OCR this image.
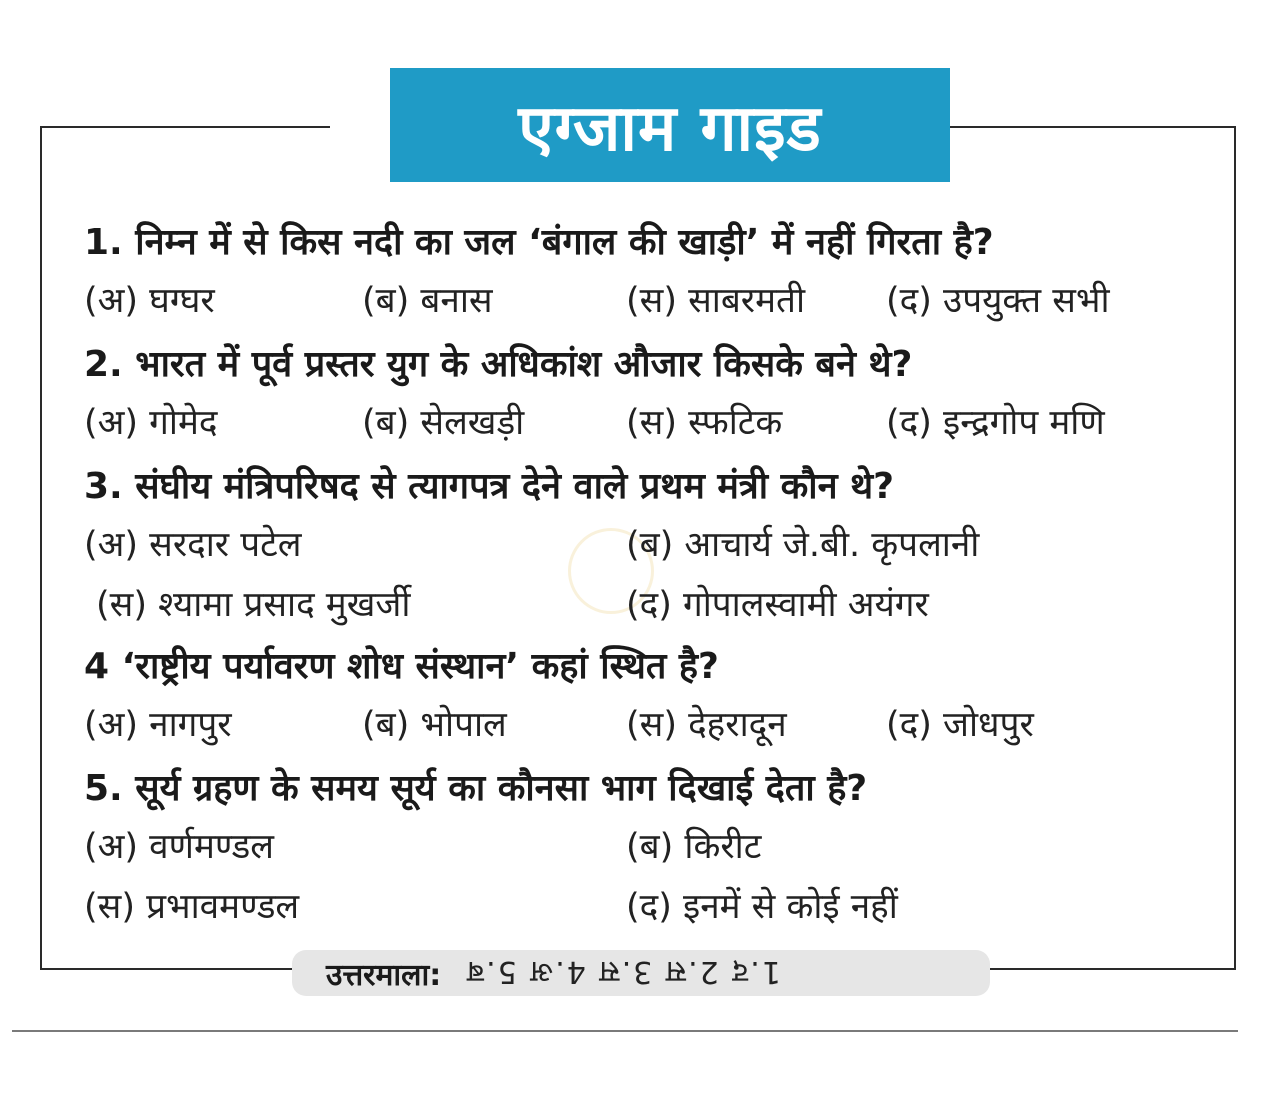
एग्जाम गाइड
1. निम्न में से किस नदी का जल ‘बंगाल की खाड़ी’ में नहीं गिरता है?
(अ) घग्घर	(ब) बनास	(स) साबरमती (द) उपयुक्त सभी
2. भारत में पूर्व प्रस्तर युग के अधिकांश औजार किसके बने थे?
(अ) गोमेद	(ब) सेलखड़ी	(स) स्फटिक	(द) इन्द्रगोप मणि
3. संघीय मंत्रिपरिषद से त्यागपत्र देने वाले प्रथम मंत्री कौन थे?
(अ) सरदार पटेल	(ब) आचार्य जे.बी. कृपलानी
(स) श्यामा प्रसाद मुखर्जी	(द) गोपालस्वामी अयंगर
4 ‘राष्ट्रीय पर्यावरण शोध संस्थान’ कहां स्थित है?
(अ) नागपुर	(ब) भोपाल	(स) देहरादून	(द) जोधपुर
5. सूर्य ग्रहण के समय सूर्य का कौनसा भाग दिखाई देता है?
(अ) वर्णमण्डल	(ब) किरीट
(स) प्रभावमण्डल	(द) इनमें से कोई नहीं
उत्तरमाला: 1.द 2.स 3.स 4.अ 5.ब
